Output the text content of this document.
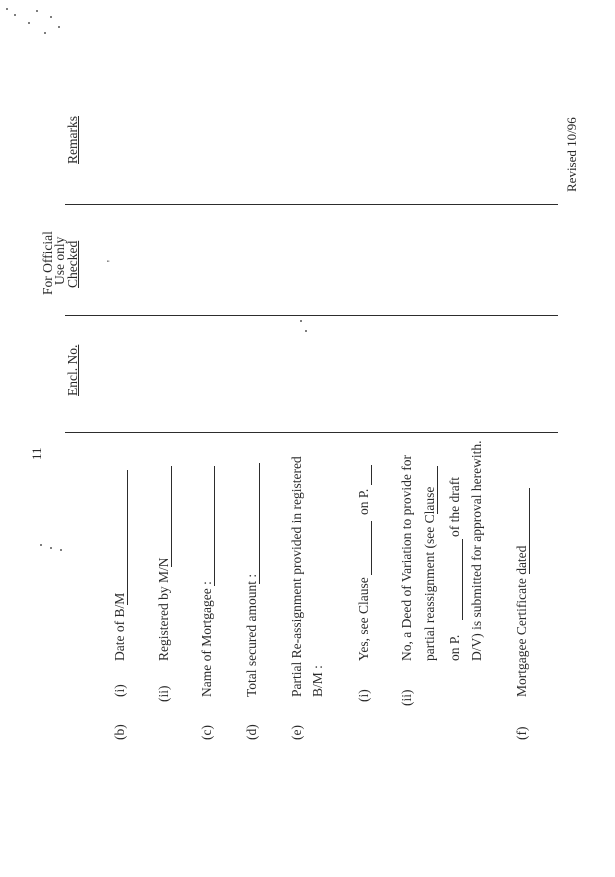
11
Revised 10/96
Encl. No.
For Official
Use only
Checked
Remarks
'
(b)
(i)
Date of B/M
(ii)
Registered by M/N
(c)
Name of Mortgagee :
(d)
Total secured amount :
(e)
Partial Re-assignment provided in registered B/M : (i)
Yes, see Clause
on P.
(ii)
No, a Deed of Variation to provide for partial reassignment (see Clause on P.
of the draft D/V) is submitted for approval herewith.
(f)
Mortgagee Certificate dated
